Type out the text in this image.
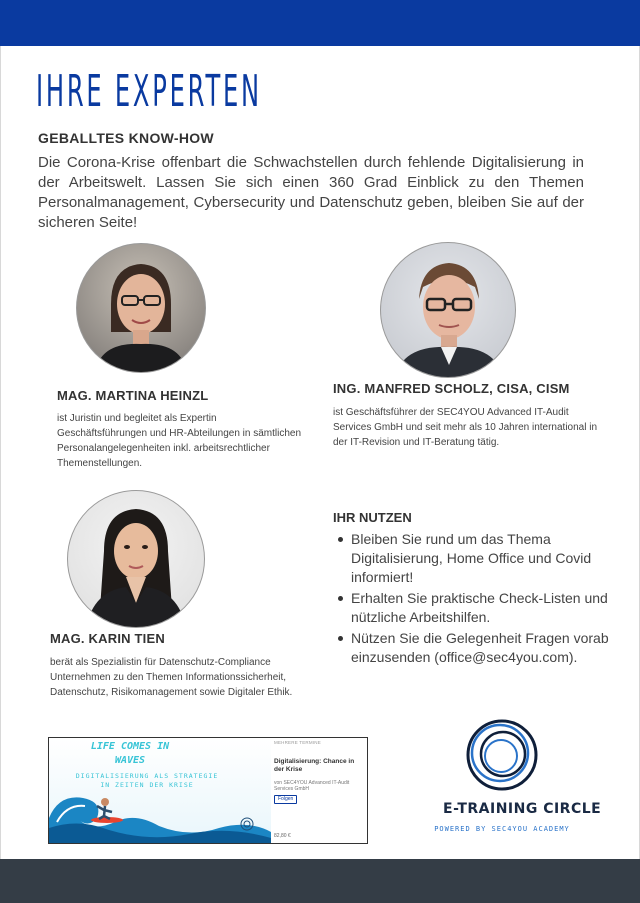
IHRE EXPERTEN
GEBALLTES KNOW-HOW

Die Corona-Krise offenbart die Schwachstellen durch fehlende Digitalisierung in der Arbeitswelt. Lassen Sie sich einen 360 Grad Einblick zu den Themen Personalmanagement, Cybersecurity und Datenschutz geben, bleiben Sie auf der sicheren Seite!

MAG. MARTINA HEINZL

ist Juristin und begleitet als Expertin Geschäftsführungen und HR-Abteilungen in sämtlichen Personalangelegenheiten inkl. arbeitsrechtlicher Themenstellungen.

ING. MANFRED SCHOLZ, CISA, CISM

ist Geschäftsführer der SEC4YOU Advanced IT-Audit Services GmbH und seit mehr als 10 Jahren international in der IT-Revision und IT-Beratung tätig.

MAG. KARIN TIEN

berät als Spezialistin für Datenschutz-Compliance Unternehmen zu den Themen Informationssicherheit, Datenschutz, Risikomanagement sowie Digitaler Ethik.

IHR NUTZEN
Bleiben Sie rund um das Thema Digitalisierung, Home Office und Covid informiert!
Erhalten Sie praktische Check-Listen und nützliche Arbeitshilfen.
Nützen Sie die Gelegenheit Fragen vorab einzusenden (office@sec4you.com).

LIFE COMES IN
WAVES

DIGITALISIERUNG ALS STRATEGIE
IN ZEITEN DER KRISE

MEHRERE TERMINE

Digitalisierung: Chance in der Krise

von SEC4YOU Advanced IT-Audit Services GmbH

Folgen

82,80 €

E-TRAINING CIRCLE

POWERED BY SEC4YOU ACADEMY
